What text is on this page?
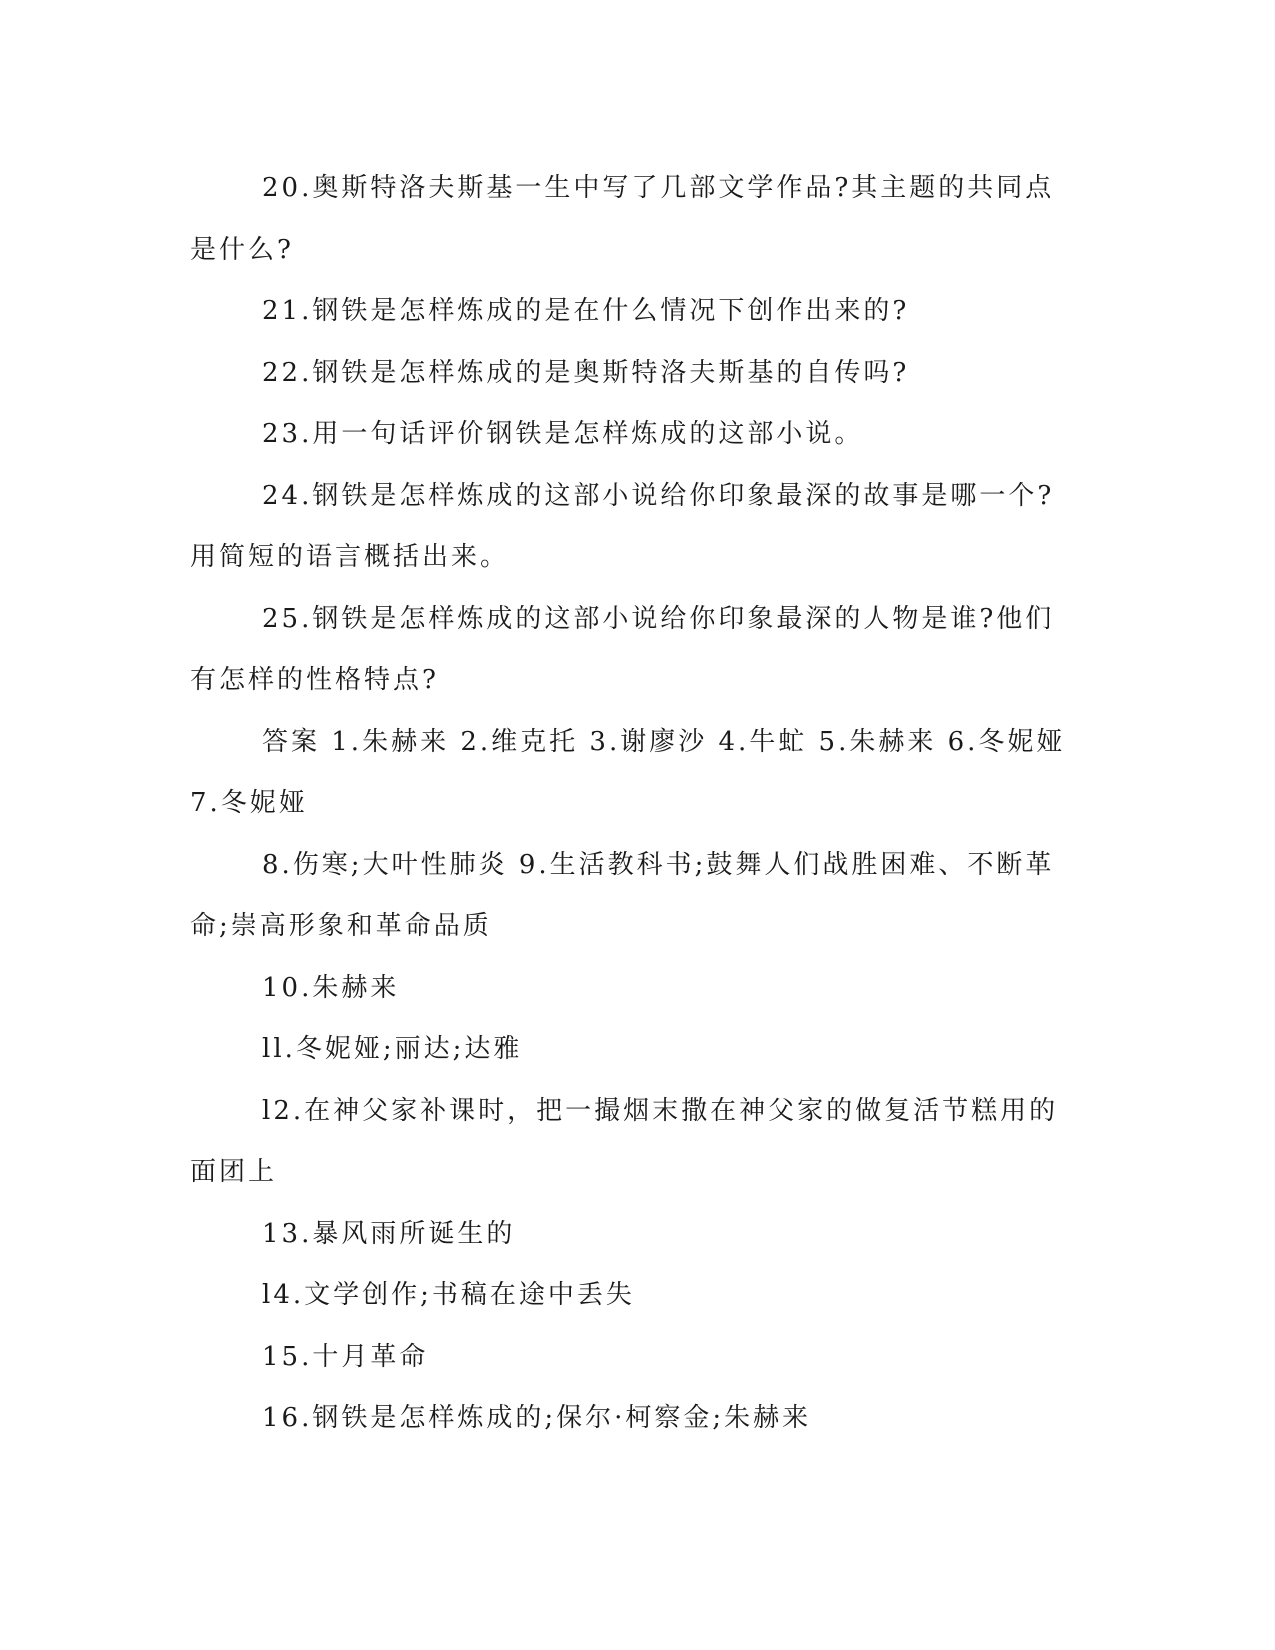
20.奥斯特洛夫斯基一生中写了几部文学作品?其主题的共同点是什么?

21.钢铁是怎样炼成的是在什么情况下创作出来的?

22.钢铁是怎样炼成的是奥斯特洛夫斯基的自传吗?

23.用一句话评价钢铁是怎样炼成的这部小说。

24.钢铁是怎样炼成的这部小说给你印象最深的故事是哪一个?用简短的语言概括出来。

25.钢铁是怎样炼成的这部小说给你印象最深的人物是谁?他们有怎样的性格特点?

答案 1.朱赫来 2.维克托 3.谢廖沙 4.牛虻 5.朱赫来 6.冬妮娅 7.冬妮娅

8.伤寒;大叶性肺炎 9.生活教科书;鼓舞人们战胜困难、不断革命;崇高形象和革命品质

10.朱赫来

ll.冬妮娅;丽达;达雅

l2.在神父家补课时，把一撮烟末撒在神父家的做复活节糕用的面团上

13.暴风雨所诞生的

l4.文学创作;书稿在途中丢失

15.十月革命

16.钢铁是怎样炼成的;保尔·柯察金;朱赫来
